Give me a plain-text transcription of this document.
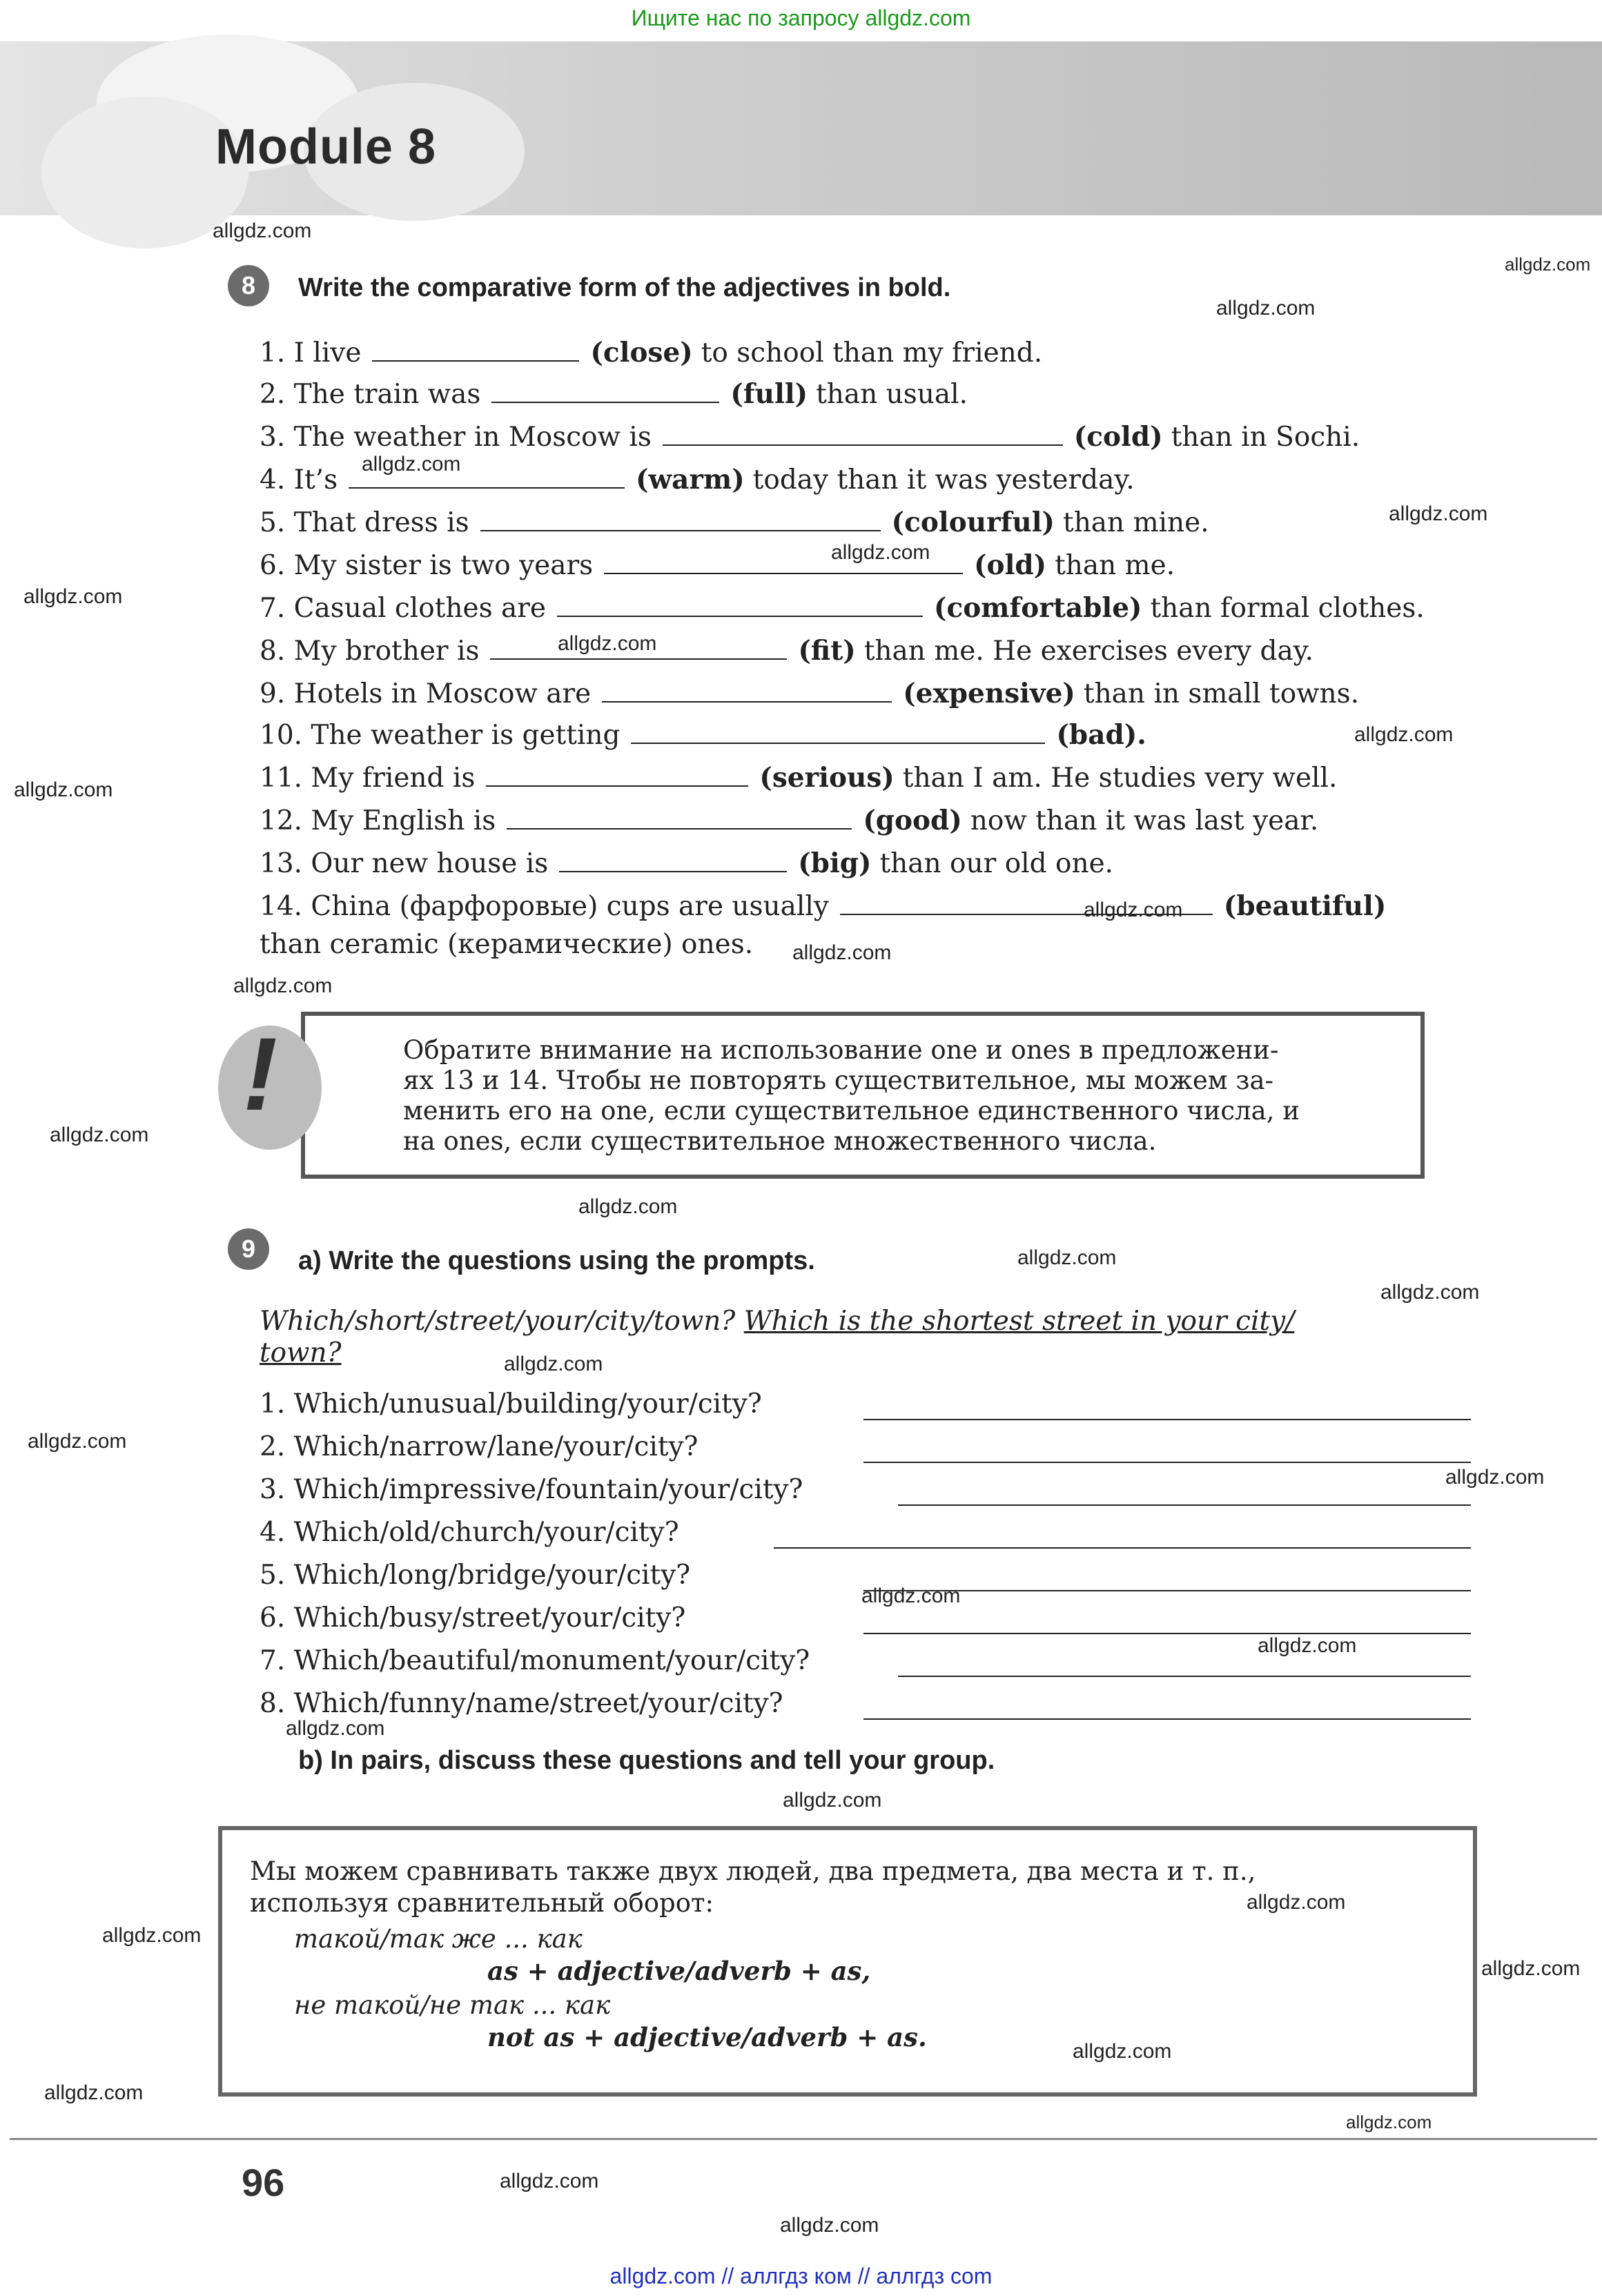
Ищите нас по запросу allgdz.com
Module 8
8	Write the comparative form of the adjectives in bold.
1. I live	(close) to school than my friend.
2. The train was	(full) than usual.
3. The weather in Moscow is	(cold) than in Sochi.
4. It’s	(warm) today than it was yesterday.
5. That dress is	(colourful) than mine.
6. My sister is two years	(old) than me.
7. Casual clothes are	(comfortable) than formal clothes.
8. My brother is	(fit) than me. He exercises every day.
9. Hotels in Moscow are	(expensive) than in small towns.
10. The weather is getting	(bad).
11. My friend is	(serious) than I am. He studies very well.
12. My English is	(good) now than it was last year.
13. Our new house is	(big) than our old one.
14. China (фарфоровые) cups are usually	(beautiful)
than ceramic (керамические) ones.
!	Обратите внимание на использование one и ones в предложени-
ях 13 и 14. Чтобы не повторять существительное, мы можем за-
менить его на one, если существительное единственного числа, и
на ones, если существительное множественного числа.
9	a) Write the questions using the prompts.
Which/short/street/your/city/town? Which is the shortest street in your city/
town?
1. Which/unusual/building/your/city?
2. Which/narrow/lane/your/city?
3. Which/impressive/fountain/your/city?
4. Which/old/church/your/city?
5. Which/long/bridge/your/city?
6. Which/busy/street/your/city?
7. Which/beautiful/monument/your/city?
8. Which/funny/name/street/your/city?
b) In pairs, discuss these questions and tell your group.
Мы можем сравнивать также двух людей, два предмета, два места и т. п.,
используя сравнительный оборот:
такой/так же ... как
as + adjective/adverb + as,
не такой/не так ... как
not as + adjective/adverb + as.
96
allgdz.com
allgdz.com
allgdz.com
allgdz.com
allgdz.com
allgdz.com
allgdz.com
allgdz.com
allgdz.com
allgdz.com
allgdz.com
allgdz.com
allgdz.com
allgdz.com
allgdz.com
allgdz.com
allgdz.com
allgdz.com
allgdz.com
allgdz.com
allgdz.com
allgdz.com
allgdz.com
allgdz.com
allgdz.com
allgdz.com
allgdz.com
allgdz.com
allgdz.com
allgdz.com
allgdz.com
allgdz.com
allgdz.com // аллгдз ком // аллгдз com
